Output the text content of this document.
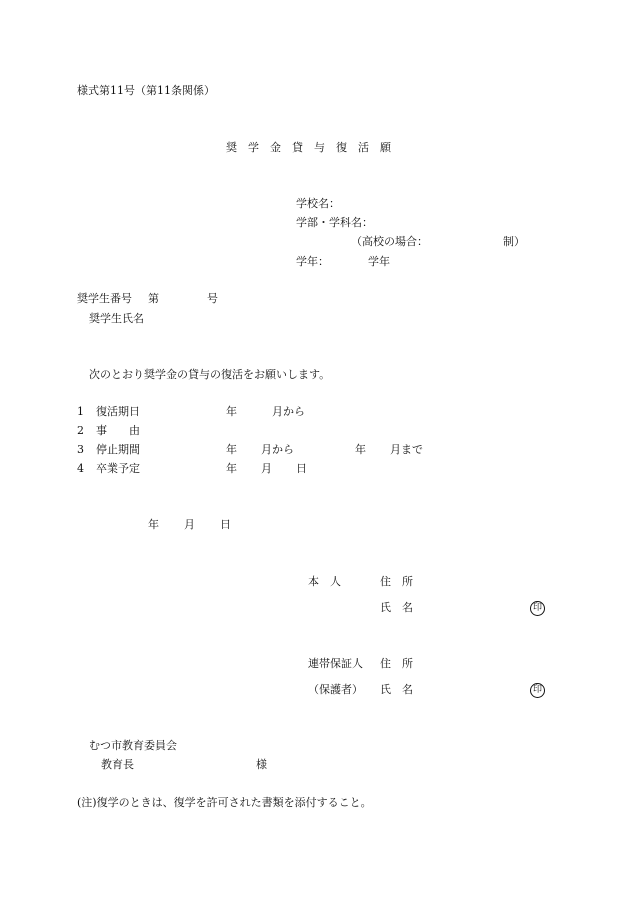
様式第11号（第11条関係）
奨　学　金　貸　与　復　活　願
学校名：
学部・学科名：
（高校の場合：	制）
学年：	学年
奨学生番号 第	号
奨学生氏名
次のとおり奨学金の貸与の復活をお願いします。
1 復活期日	年	月から
2 事　　由
3 停止期間	年 月から	年 月まで
4 卒業予定	年 月 日
年 月 日
本　人	住　所
氏　名	印
連帯保証人 住　所
（保護者） 氏　名	印
むつ市教育委員会
教育長	様
(注)復学のときは、復学を許可された書類を添付すること。
